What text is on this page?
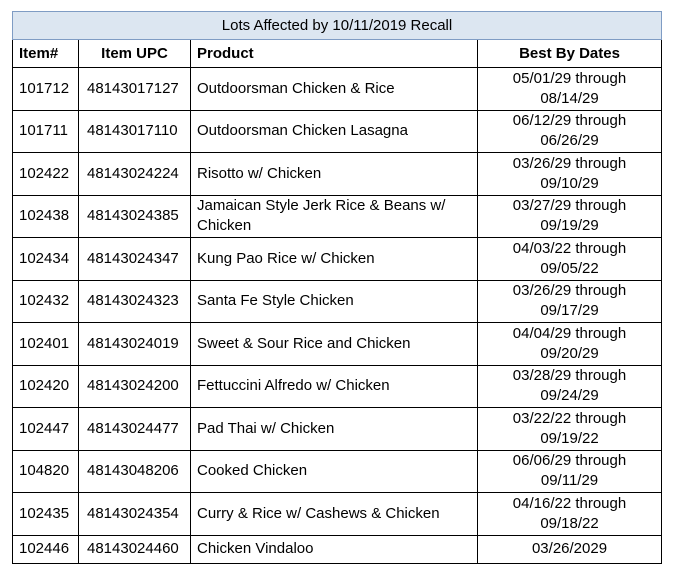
Lots Affected by 10/11/2019 Recall			
Item#	Item UPC	Product	Best By Dates
101712	48143017127	Outdoorsman Chicken & Rice	05/01/29 through
08/14/29

101711	48143017110	Outdoorsman Chicken Lasagna	06/12/29 through
06/26/29

102422	48143024224	Risotto w/ Chicken	03/26/29 through
09/10/29

102438	48143024385	Jamaican Style Jerk Rice & Beans w/ Chicken	03/27/29 through
09/19/29

102434	48143024347	Kung Pao Rice w/ Chicken	04/03/22 through
09/05/22

102432	48143024323	Santa Fe Style Chicken	03/26/29 through
09/17/29

102401	48143024019	Sweet & Sour Rice and Chicken	04/04/29 through
09/20/29

102420	48143024200	Fettuccini Alfredo w/ Chicken	03/28/29 through
09/24/29

102447	48143024477	Pad Thai w/ Chicken	03/22/22 through
09/19/22

104820	48143048206	Cooked Chicken	06/06/29 through
09/11/29

102435	48143024354	Curry & Rice w/ Cashews & Chicken	04/16/22 through
09/18/22

102446	48143024460	Chicken Vindaloo	03/26/2029
